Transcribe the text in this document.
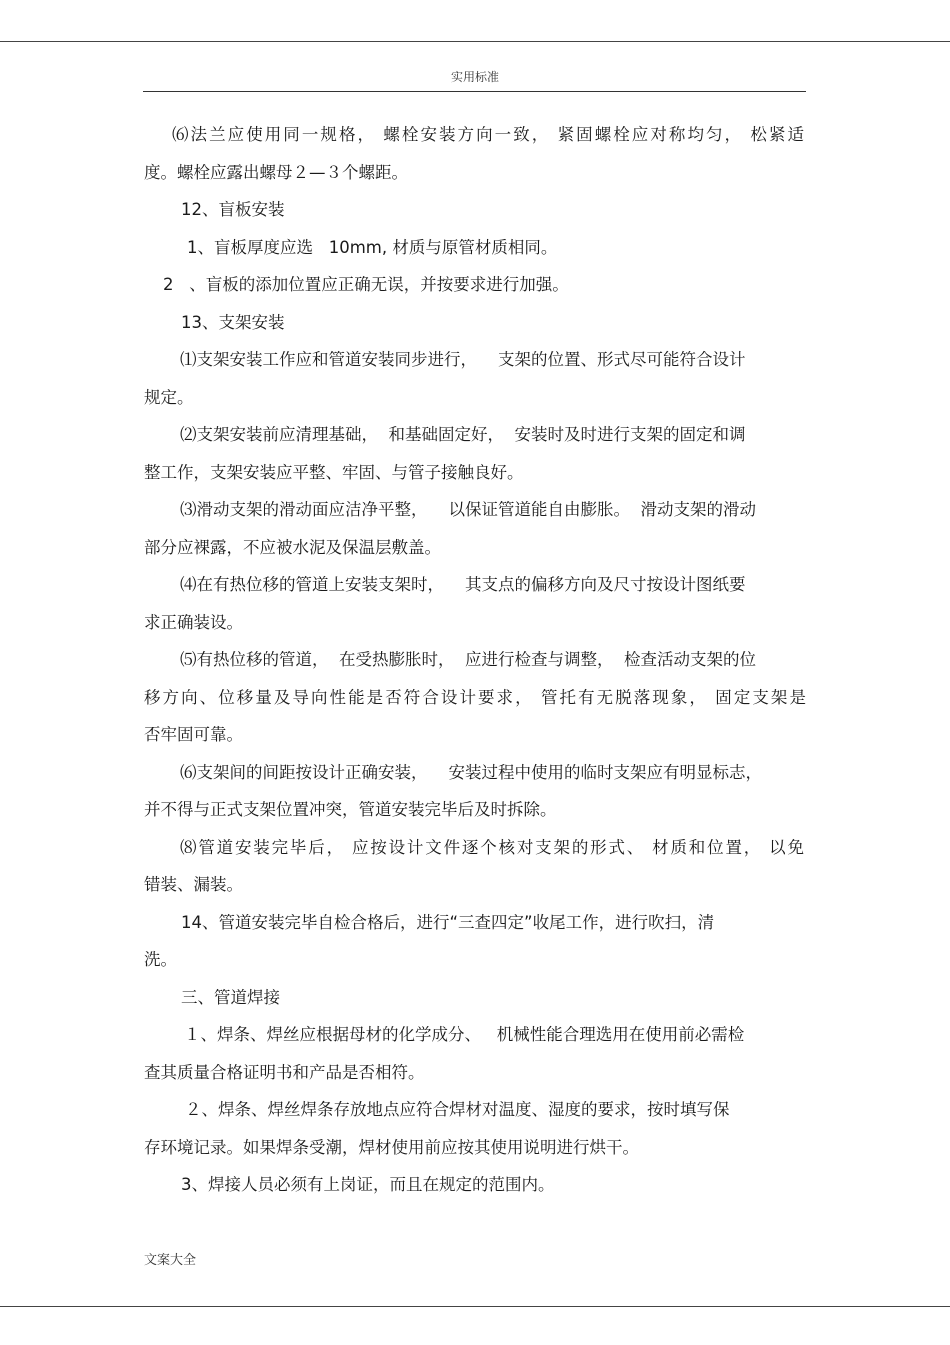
实用标准
⑹法兰应使用同一规格， 螺栓安装方向一致， 紧固螺栓应对称均匀， 松紧适
度。螺栓应露出螺母２—３个螺距。
12、盲板安装
1、盲板厚度应选   10mm, 材质与原管材质相同。
2   、盲板的添加位置应正确无误，并按要求进行加强。
13、支架安装
⑴支架安装工作应和管道安装同步进行，    支架的位置、形式尽可能符合设计
规定。
⑵支架安装前应清理基础，  和基础固定好，  安装时及时进行支架的固定和调
整工作，支架安装应平整、牢固、与管子接触良好。
⑶滑动支架的滑动面应洁净平整，    以保证管道能自由膨胀。  滑动支架的滑动
部分应裸露，不应被水泥及保温层敷盖。
⑷在有热位移的管道上安装支架时，    其支点的偏移方向及尺寸按设计图纸要
求正确装设。
⑸有热位移的管道，  在受热膨胀时，  应进行检查与调整，  检查活动支架的位
移方向、位移量及导向性能是否符合设计要求， 管托有无脱落现象， 固定支架是
否牢固可靠。
⑹支架间的间距按设计正确安装，    安装过程中使用的临时支架应有明显标志，
并不得与正式支架位置冲突，管道安装完毕后及时拆除。
⑻管道安装完毕后， 应按设计文件逐个核对支架的形式、 材质和位置， 以免
错装、漏装。
14、管道安装完毕自检合格后，进行“三查四定”收尾工作，进行吹扫，清
洗。
三、管道焊接
１、焊条、焊丝应根据母材的化学成分、   机械性能合理选用在使用前必需检
查其质量合格证明书和产品是否相符。
２、焊条、焊丝焊条存放地点应符合焊材对温度、湿度的要求，按时填写保
存环境记录。如果焊条受潮，焊材使用前应按其使用说明进行烘干。
3、焊接人员必须有上岗证，而且在规定的范围内。
文案大全
